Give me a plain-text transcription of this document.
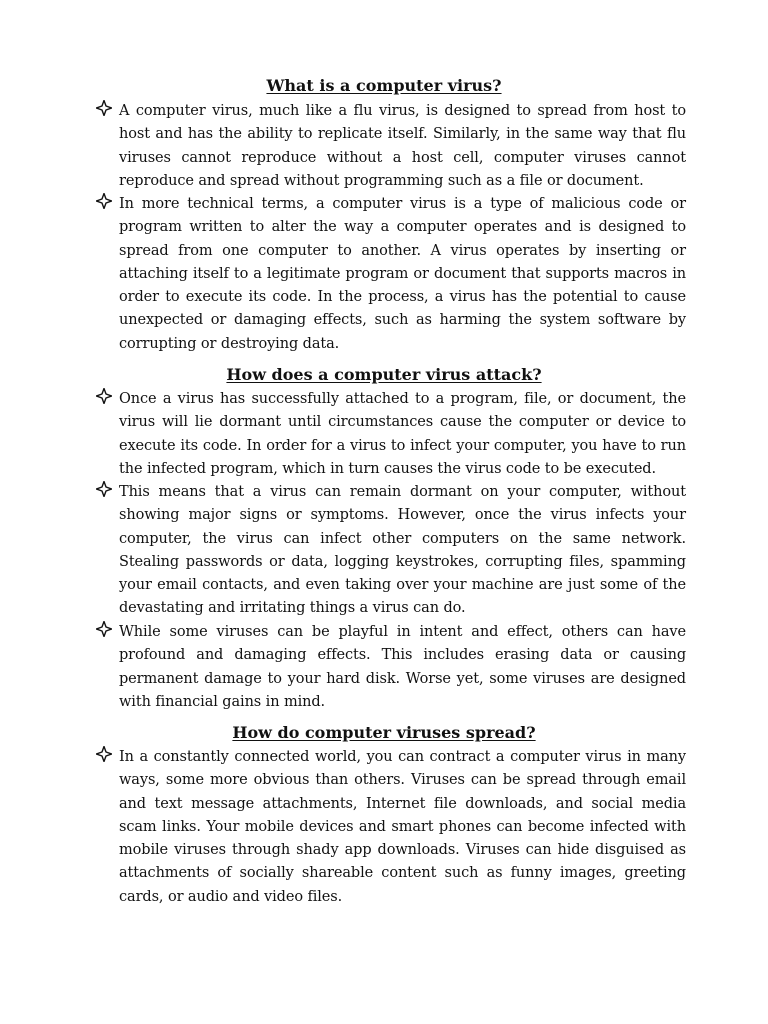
What is a computer virus?

A computer virus, much like a flu virus, is designed to spread from host to host and has the ability to replicate itself. Similarly, in the same way that flu viruses cannot reproduce without a host cell, computer viruses cannot reproduce and spread without programming such as a file or document.

In more technical terms, a computer virus is a type of malicious code or program written to alter the way a computer operates and is designed to spread from one computer to another. A virus operates by inserting or attaching itself to a legitimate program or document that supports macros in order to execute its code. In the process, a virus has the potential to cause unexpected or damaging effects, such as harming the system software by corrupting or destroying data.

How does a computer virus attack?

Once a virus has successfully attached to a program, file, or document, the virus will lie dormant until circumstances cause the computer or device to execute its code. In order for a virus to infect your computer, you have to run the infected program, which in turn causes the virus code to be executed.

This means that a virus can remain dormant on your computer, without showing major signs or symptoms. However, once the virus infects your computer, the virus can infect other computers on the same network. Stealing passwords or data, logging keystrokes, corrupting files, spamming your email contacts, and even taking over your machine are just some of the devastating and irritating things a virus can do.

While some viruses can be playful in intent and effect, others can have profound and damaging effects. This includes erasing data or causing permanent damage to your hard disk. Worse yet, some viruses are designed with financial gains in mind.

How do computer viruses spread?

In a constantly connected world, you can contract a computer virus in many ways, some more obvious than others. Viruses can be spread through email and text message attachments, Internet file downloads, and social media scam links. Your mobile devices and smart phones can become infected with mobile viruses through shady app downloads. Viruses can hide disguised as attachments of socially shareable content such as funny images, greeting cards, or audio and video files.
